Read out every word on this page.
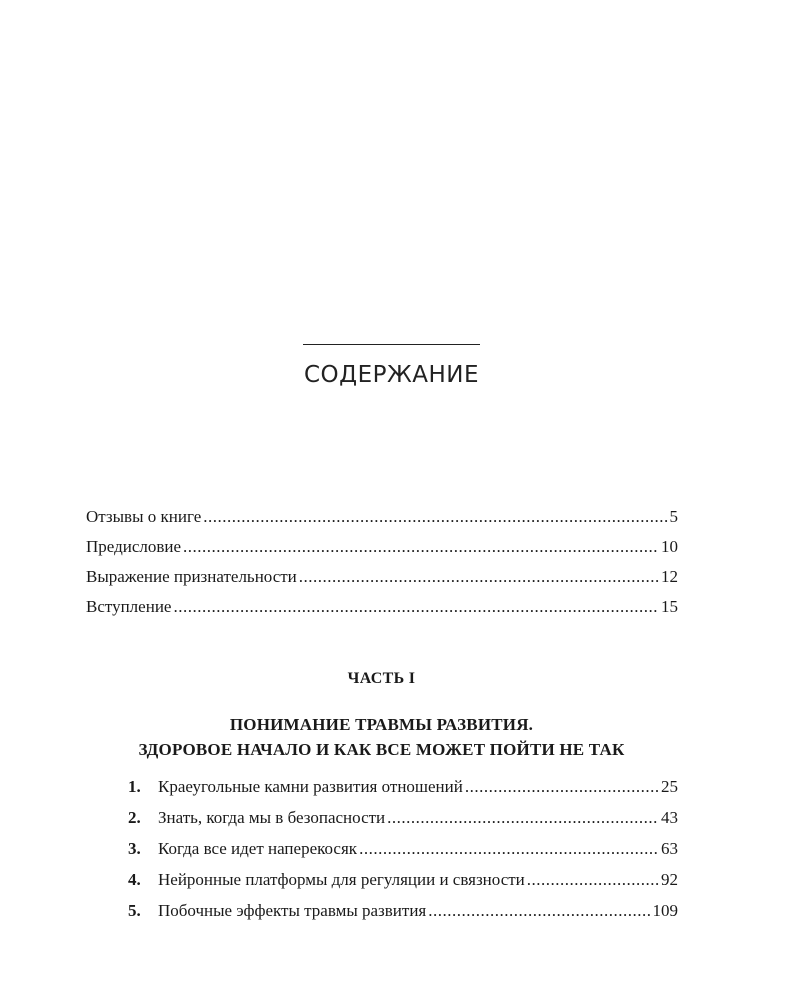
СОДЕРЖАНИЕ
Отзывы о книге .....	5
Предисловие .....	10
Выражение признательности .....	12
Вступление .....	15
ЧАСТЬ I
ПОНИМАНИЕ ТРАВМЫ РАЗВИТИЯ.
ЗДОРОВОЕ НАЧАЛО И КАК ВСЕ МОЖЕТ ПОЙТИ НЕ ТАК
1.	Краеугольные камни развития отношений .....	25
2.	Знать, когда мы в безопасности .....	43
3.	Когда все идет наперекосяк .....	63
4.	Нейронные платформы для регуляции и связности .....	92
5.	Побочные эффекты травмы развития .....	109
